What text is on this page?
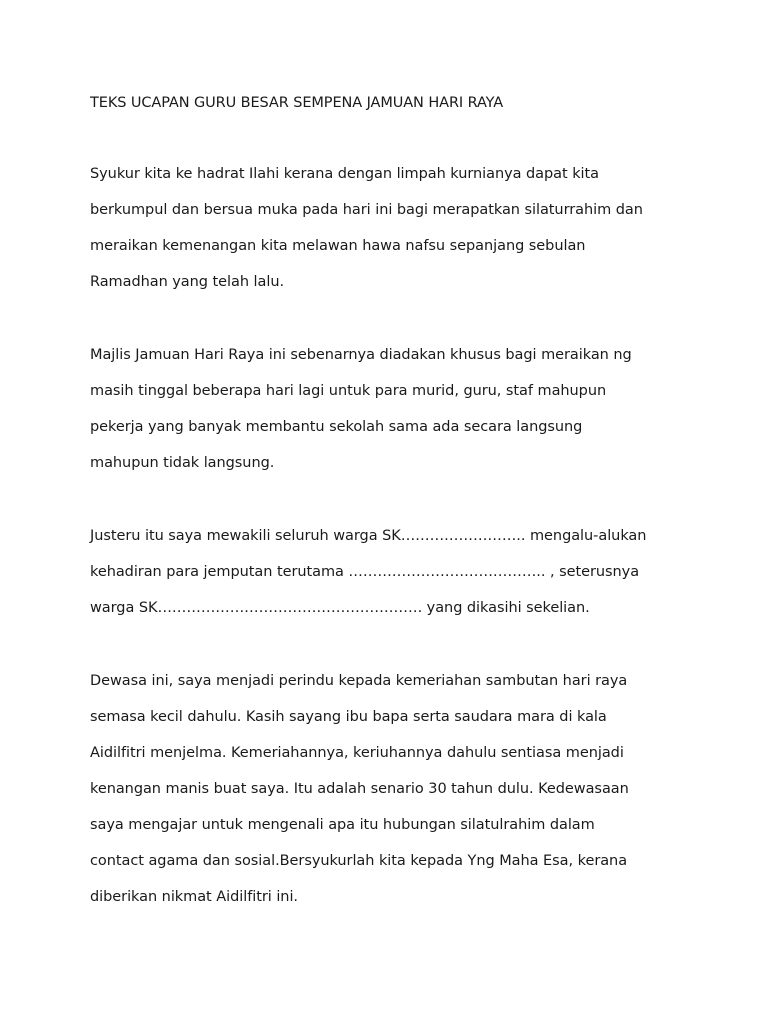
TEKS UCAPAN GURU BESAR SEMPENA JAMUAN HARI RAYA
Syukur kita ke hadrat Ilahi kerana dengan limpah kurnianya dapat kita
berkumpul dan bersua muka pada hari ini bagi merapatkan silaturrahim dan
meraikan kemenangan kita melawan hawa nafsu sepanjang sebulan
Ramadhan yang telah lalu.
Majlis Jamuan Hari Raya ini sebenarnya diadakan khusus bagi meraikan ng
masih tinggal beberapa hari lagi untuk para murid, guru, staf mahupun
pekerja yang banyak membantu sekolah sama ada secara langsung
mahupun tidak langsung.
Justeru itu saya mewakili seluruh warga SK…………………….. mengalu-alukan
kehadiran para jemputan terutama ………………………………….. , seterusnya
warga SK………………………………………………. yang dikasihi sekelian.
Dewasa ini, saya menjadi perindu kepada kemeriahan sambutan hari raya
semasa kecil dahulu. Kasih sayang ibu bapa serta saudara mara di kala
Aidilfitri menjelma. Kemeriahannya, keriuhannya dahulu sentiasa menjadi
kenangan manis buat saya. Itu adalah senario 30 tahun dulu. Kedewasaan
saya mengajar untuk mengenali apa itu hubungan silatulrahim dalam
contact agama dan sosial.Bersyukurlah kita kepada Yng Maha Esa, kerana
diberikan nikmat Aidilfitri ini.
